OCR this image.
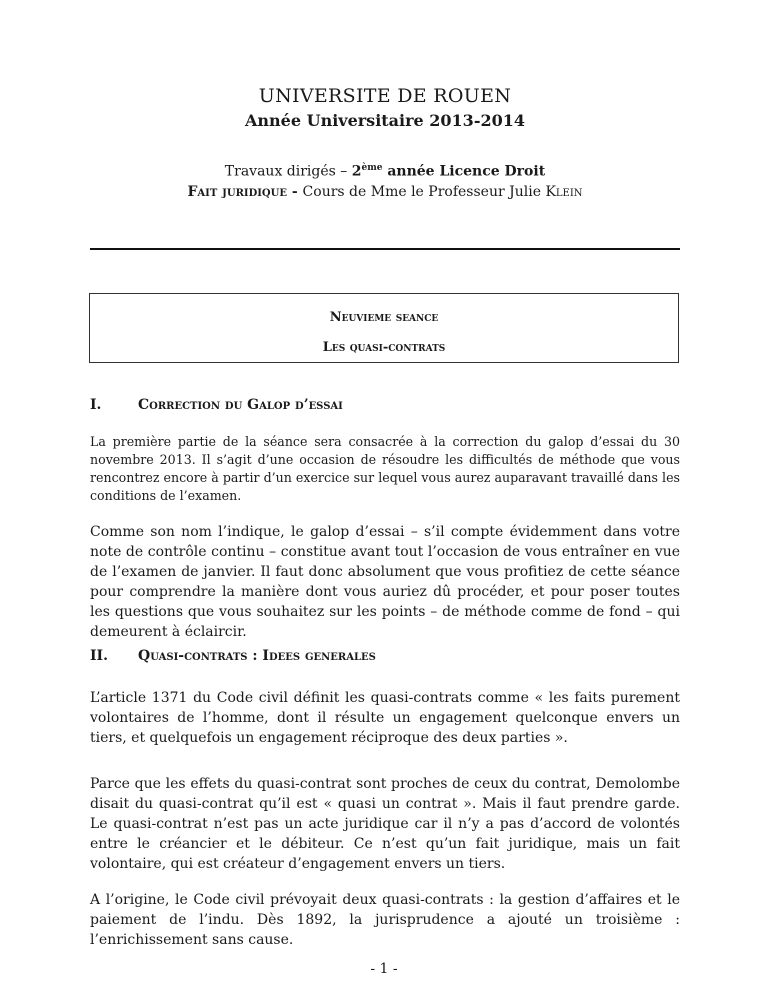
UNIVERSITE DE ROUEN
Année Universitaire 2013-2014
Travaux dirigés – 2ème année Licence Droit
Fait juridique - Cours de Mme le Professeur Julie Klein
Neuvieme seance
Les quasi-contrats
I.	Correction du Galop d’essai
La première partie de la séance sera consacrée à la correction du galop d’essai du 30 novembre 2013. Il s’agit d’une occasion de résoudre les difficultés de méthode que vous rencontrez encore à partir d’un exercice sur lequel vous aurez auparavant travaillé dans les conditions de l’examen.
Comme son nom l’indique, le galop d’essai – s’il compte évidemment dans votre note de contrôle continu – constitue avant tout l’occasion de vous entraîner en vue de l’examen de janvier. Il faut donc absolument que vous profitiez de cette séance pour comprendre la manière dont vous auriez dû procéder, et pour poser toutes les questions que vous souhaitez sur les points – de méthode comme de fond – qui demeurent à éclaircir.
II. Quasi-contrats : Idees generales
L’article 1371 du Code civil définit les quasi-contrats comme « les faits purement volontaires de l’homme, dont il résulte un engagement quelconque envers un tiers, et quelquefois un engagement réciproque des deux parties ».
Parce que les effets du quasi-contrat sont proches de ceux du contrat, Demolombe disait du quasi-contrat qu’il est « quasi un contrat ». Mais il faut prendre garde. Le quasi-contrat n’est pas un acte juridique car il n’y a pas d’accord de volontés entre le créancier et le débiteur. Ce n’est qu’un fait juridique, mais un fait volontaire, qui est créateur d’engagement envers un tiers.
A l’origine, le Code civil prévoyait deux quasi-contrats : la gestion d’affaires et le paiement de l’indu. Dès 1892, la jurisprudence a ajouté un troisième : l’enrichissement sans cause.
- 1 -
